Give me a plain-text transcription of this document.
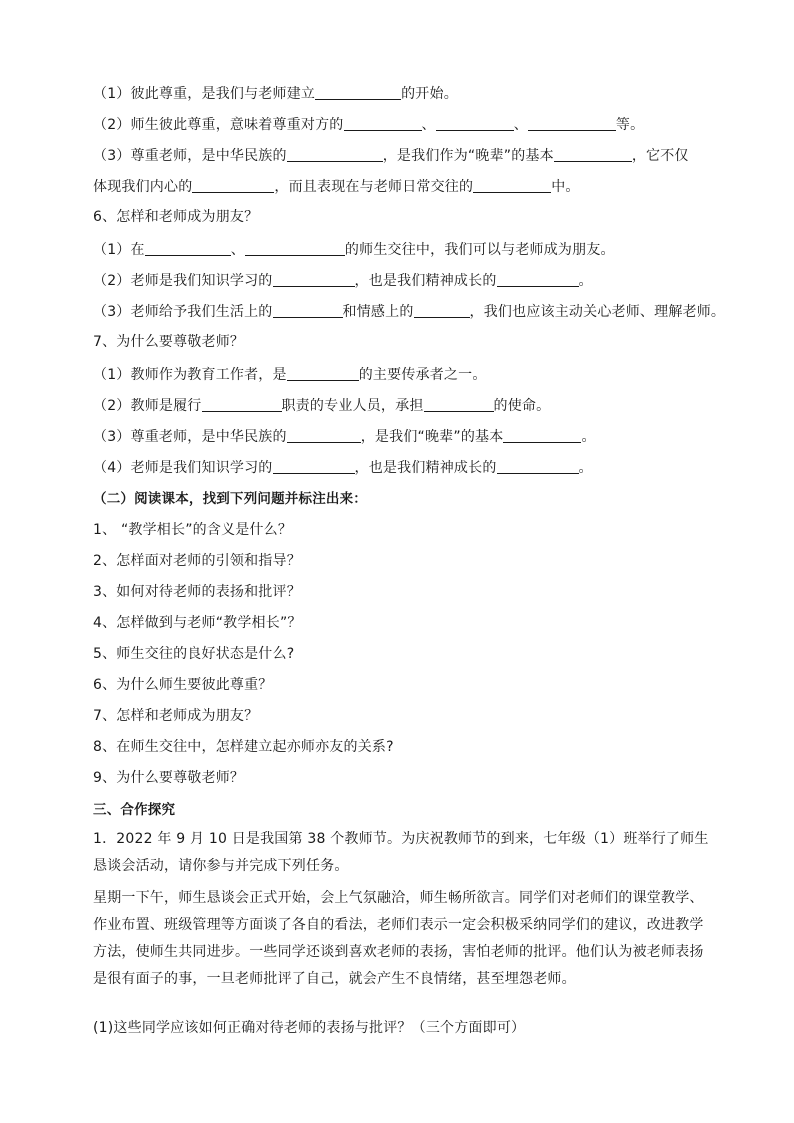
（1）彼此尊重，是我们与老师建立	的开始。
（2）师生彼此尊重，意味着尊重对方的	、	、	等。
（3）尊重老师，是中华民族的	，是我们作为“晚辈”的基本	，它不仅
体现我们内心的	，而且表现在与老师日常交往的	中。
6、怎样和老师成为朋友？
（1）在	、	的师生交往中，我们可以与老师成为朋友。
（2）老师是我们知识学习的	，也是我们精神成长的	。
（3）老师给予我们生活上的	和情感上的	，我们也应该主动关心老师、理解老师。
7、为什么要尊敬老师？
（1）教师作为教育工作者，是	的主要传承者之一。
（2）教师是履行	职责的专业人员，承担	的使命。
（3）尊重老师，是中华民族的	，是我们“晚辈”的基本	。
（4）老师是我们知识学习的	，也是我们精神成长的	。
（二）阅读课本，找到下列问题并标注出来：
1、 “教学相长”的含义是什么？
2、怎样面对老师的引领和指导？
3、如何对待老师的表扬和批评？
4、怎样做到与老师“教学相长”？
5、师生交往的良好状态是什么?
6、为什么师生要彼此尊重？
7、怎样和老师成为朋友？
8、在师生交往中，怎样建立起亦师亦友的关系?
9、为什么要尊敬老师？
三、合作探究
1．2022 年 9 月 10 日是我国第 38 个教师节。为庆祝教师节的到来，七年级（1）班举行了师生恳谈会活动，请你参与并完成下列任务。
星期一下午，师生恳谈会正式开始，会上气氛融洽，师生畅所欲言。同学们对老师们的课堂教学、作业布置、班级管理等方面谈了各自的看法，老师们表示一定会积极采纳同学们的建议，改进教学方法，使师生共同进步。一些同学还谈到喜欢老师的表扬，害怕老师的批评。他们认为被老师表扬是很有面子的事，一旦老师批评了自己，就会产生不良情绪，甚至埋怨老师。
(1)这些同学应该如何正确对待老师的表扬与批评？（三个方面即可）
